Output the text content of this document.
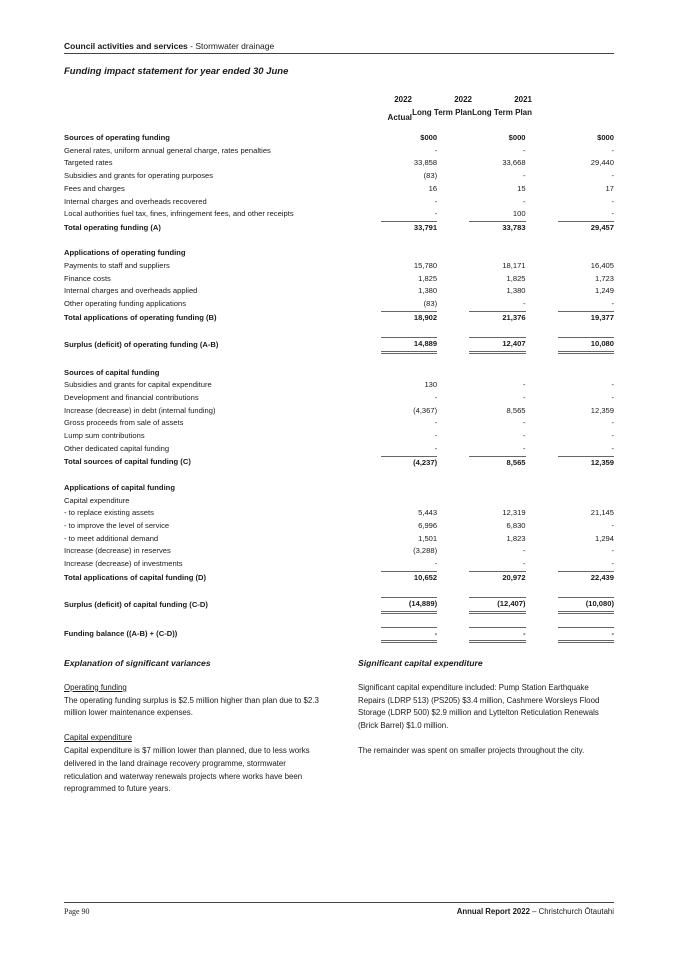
Council activities and services - Stormwater drainage
Funding impact statement for year ended 30 June
2022
Actual
2022
Long Term Plan
2021
Long Term Plan
Sources of operating funding	$000		$000		$000
General rates, uniform annual general charge, rates penalties	-		-		-
Targeted rates	33,858		33,668		29,440
Subsidies and grants for operating purposes	(83)		-		-
Fees and charges	16		15		17
Internal charges and overheads recovered	-		-		-
Local authorities fuel tax, fines, infringement fees, and other receipts	-		100		-
Total operating funding (A)	33,791		33,783		29,457

Applications of operating funding					
Payments to staff and suppliers	15,780		18,171		16,405
Finance costs	1,825		1,825		1,723
Internal charges and overheads applied	1,380		1,380		1,249
Other operating funding applications	(83)		-		-
Total applications of operating funding (B)	18,902		21,376		19,377

Surplus (deficit) of operating funding (A-B)	14,889		12,407		10,080

Sources of capital funding					
Subsidies and grants for capital expenditure	130		-		-
Development and financial contributions	-		-		-
Increase (decrease) in debt (internal funding)	(4,367)		8,565		12,359
Gross proceeds from sale of assets	-		-		-
Lump sum contributions	-		-		-
Other dedicated capital funding	-		-		-
Total sources of capital funding (C)	(4,237)		8,565		12,359

Applications of capital funding					
Capital expenditure					
- to replace existing assets	5,443		12,319		21,145
- to improve the level of service	6,996		6,830		-
- to meet additional demand	1,501		1,823		1,294
Increase (decrease) in reserves	(3,288)		-		-
Increase (decrease) of investments	-		-		-
Total applications of capital funding (D)	10,652		20,972		22,439

Surplus (deficit) of capital funding (C-D)	(14,889)		(12,407)		(10,080)

Funding balance ((A-B) + (C-D))	-		-		-
Explanation of significant variances

Operating funding
The operating funding surplus is $2.5 million higher than plan due to $2.3 million lower maintenance expenses.

Capital expenditure
Capital expenditure is $7 million lower than planned, due to less works delivered in the land drainage recovery programme, stormwater reticulation and waterway renewals projects where works have been reprogrammed to future years.

Significant capital expenditure

Significant capital expenditure included: Pump Station Earthquake Repairs (LDRP 513) (PS205) $3.4 million, Cashmere Worsleys Flood Storage (LDRP 500) $2.9 million and Lyttelton Reticulation Renewals (Brick Barrel) $1.0 million.

The remainder was spent on smaller projects throughout the city.

Page 90	Annual Report 2022 – Christchurch Ōtautahi
